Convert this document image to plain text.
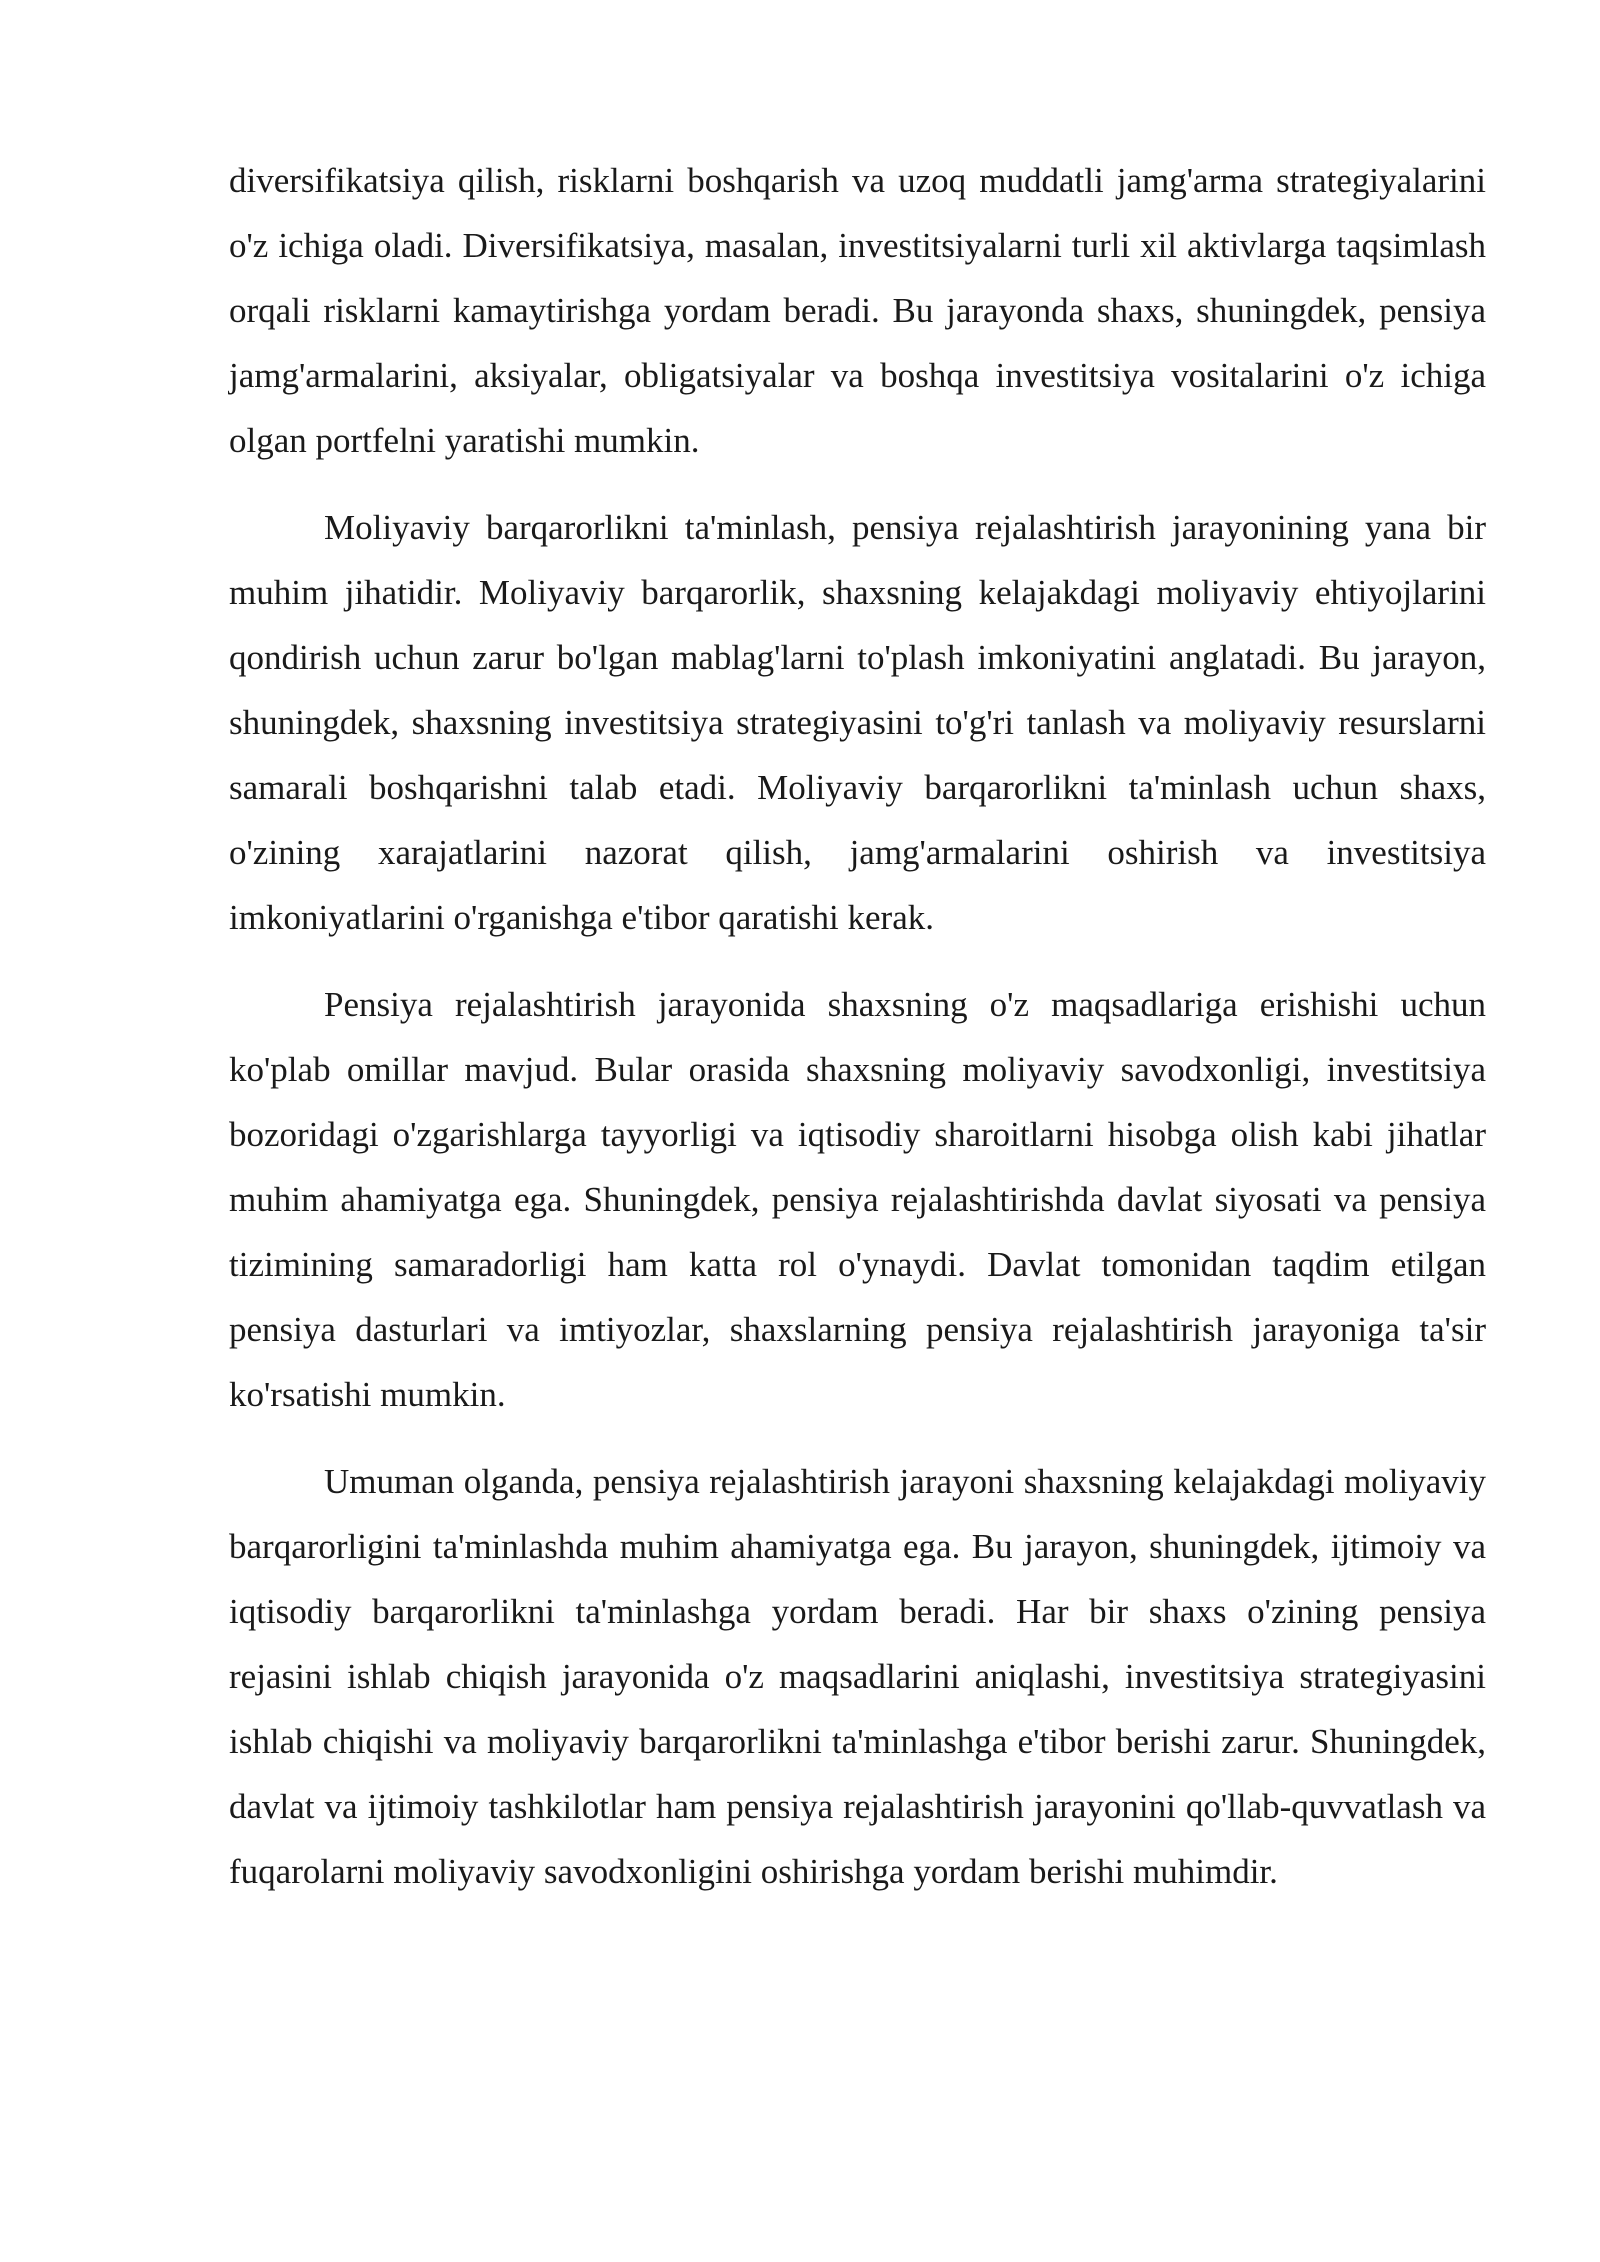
diversifikatsiya qilish, risklarni boshqarish va uzoq muddatli jamg'arma strategiyalarini o'z ichiga oladi. Diversifikatsiya, masalan, investitsiyalarni turli xil aktivlarga taqsimlash orqali risklarni kamaytirishga yordam beradi. Bu jarayonda shaxs, shuningdek, pensiya jamg'armalarini, aksiyalar, obligatsiyalar va boshqa investitsiya vositalarini o'z ichiga olgan portfelni yaratishi mumkin.

Moliyaviy barqarorlikni ta'minlash, pensiya rejalashtirish jarayonining yana bir muhim jihatidir. Moliyaviy barqarorlik, shaxsning kelajakdagi moliyaviy ehtiyojlarini qondirish uchun zarur bo'lgan mablag'larni to'plash imkoniyatini anglatadi. Bu jarayon, shuningdek, shaxsning investitsiya strategiyasini to'g'ri tanlash va moliyaviy resurslarni samarali boshqarishni talab etadi. Moliyaviy barqarorlikni ta'minlash uchun shaxs, o'zining xarajatlarini nazorat qilish, jamg'armalarini oshirish va investitsiya imkoniyatlarini o'rganishga e'tibor qaratishi kerak.

Pensiya rejalashtirish jarayonida shaxsning o'z maqsadlariga erishishi uchun ko'plab omillar mavjud. Bular orasida shaxsning moliyaviy savodxonligi, investitsiya bozoridagi o'zgarishlarga tayyorligi va iqtisodiy sharoitlarni hisobga olish kabi jihatlar muhim ahamiyatga ega. Shuningdek, pensiya rejalashtirishda davlat siyosati va pensiya tizimining samaradorligi ham katta rol o'ynaydi. Davlat tomonidan taqdim etilgan pensiya dasturlari va imtiyozlar, shaxslarning pensiya rejalashtirish jarayoniga ta'sir ko'rsatishi mumkin.

Umuman olganda, pensiya rejalashtirish jarayoni shaxsning kelajakdagi moliyaviy barqarorligini ta'minlashda muhim ahamiyatga ega. Bu jarayon, shuningdek, ijtimoiy va iqtisodiy barqarorlikni ta'minlashga yordam beradi. Har bir shaxs o'zining pensiya rejasini ishlab chiqish jarayonida o'z maqsadlarini aniqlashi, investitsiya strategiyasini ishlab chiqishi va moliyaviy barqarorlikni ta'minlashga e'tibor berishi zarur. Shuningdek, davlat va ijtimoiy tashkilotlar ham pensiya rejalashtirish jarayonini qo'llab-quvvatlash va fuqarolarni moliyaviy savodxonligini oshirishga yordam berishi muhimdir.
